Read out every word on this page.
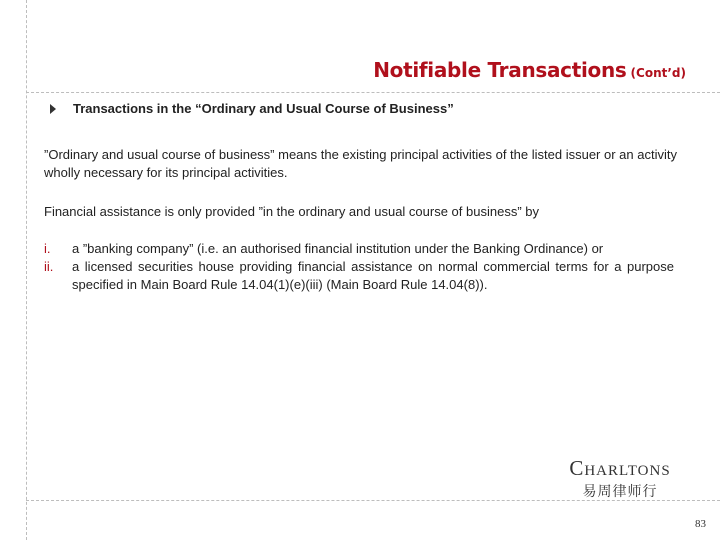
Notifiable Transactions (Cont’d)
Transactions in the “Ordinary and Usual Course of Business”
”Ordinary and usual course of business” means the existing principal activities of the listed issuer or an activity wholly necessary for its principal activities.
Financial assistance is only provided ”in the ordinary and usual course of business” by
i.	a ”banking company” (i.e. an authorised financial institution under the Banking Ordinance) or
ii.	a licensed securities house providing financial assistance on normal commercial terms for a purpose specified in Main Board Rule 14.04(1)(e)(iii) (Main Board Rule 14.04(8)).
Charltons
易周律师行
83
